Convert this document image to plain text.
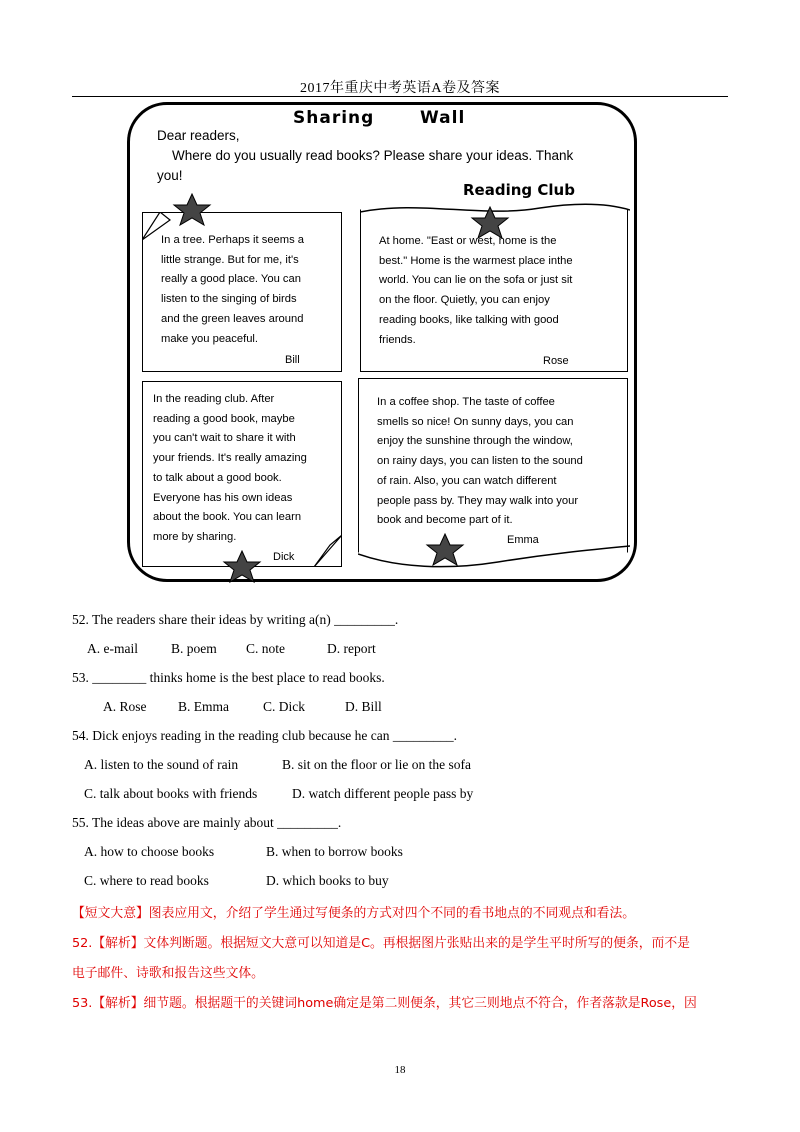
2017年重庆中考英语A卷及答案
Sharing	Wall
Dear readers,
Where do you usually read books? Please share your ideas. Thank
you!
Reading Club
In a tree. Perhaps it seems a
little strange. But for me, it's
really a good place. You can
listen to the singing of birds
and the green leaves around
make you peaceful.
Bill
At home. "East or west, home is the
best." Home is the warmest place inthe
world. You can lie on the sofa or just sit
on the floor. Quietly, you can enjoy
reading books, like talking with good
friends.
Rose
In the reading club. After
reading a good book, maybe
you can't wait to share it with
your friends. It's really amazing
to talk about a good book.
Everyone has his own ideas
about the book. You can learn
more by sharing.
Dick
In a coffee shop. The taste of coffee
smells so nice! On sunny days, you can
enjoy the sunshine through the window,
on rainy days, you can listen to the sound
of rain. Also, you can watch different
people pass by. They may walk into your
book and become part of it.
Emma
52. The readers share their ideas by writing a(n) _________.
A. e-mail B. poem C. note	D. report
53. ________ thinks home is the best place to read books.
A. Rose B. Emma	C. Dick	D. Bill
54. Dick enjoys reading in the reading club because he can _________.
A. listen to the sound of rain	B. sit on the floor or lie on the sofa
C. talk about books with friends	D. watch different people pass by
55. The ideas above are mainly about _________.
A. how to choose books	B. when to borrow books
C. where to read books	D. which books to buy
【短文大意】图表应用文，介绍了学生通过写便条的方式对四个不同的看书地点的不同观点和看法。
52.【解析】文体判断题。根据短文大意可以知道是C。再根据图片张贴出来的是学生平时所写的便条，而不是
电子邮件、诗歌和报告这些文体。
53.【解析】细节题。根据题干的关键词home确定是第二则便条，其它三则地点不符合，作者落款是Rose，因
18
